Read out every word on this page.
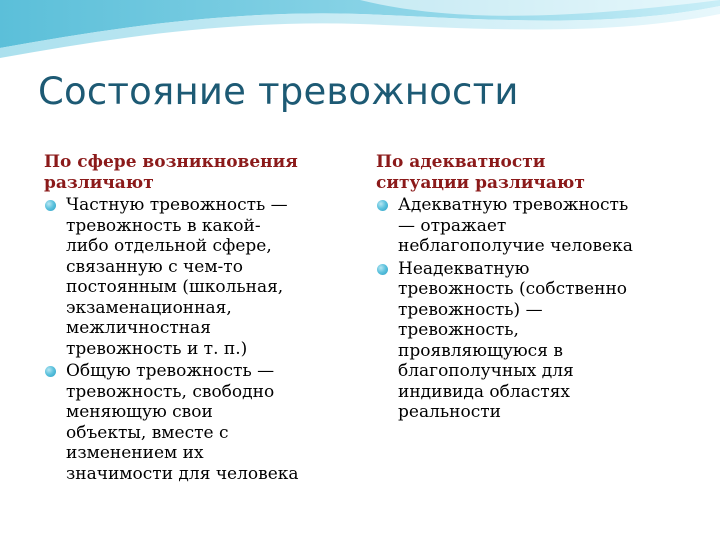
Состояние тревожности

По сфере возникновения
различают

Частную тревожность —
тревожность в какой-
либо отдельной сфере,
связанную с чем-то
постоянным (школьная,
экзаменационная,
межличностная
тревожность и т. п.)
Общую тревожность —
тревожность, свободно
меняющую свои
объекты, вместе с
изменением их
значимости для человека

По адекватности
ситуации различают

Адекватную тревожность
— отражает
неблагополучие человека
Неадекватную
тревожность (собственно
тревожность) —
тревожность,
проявляющуюся в
благополучных для
индивида областях
реальности
